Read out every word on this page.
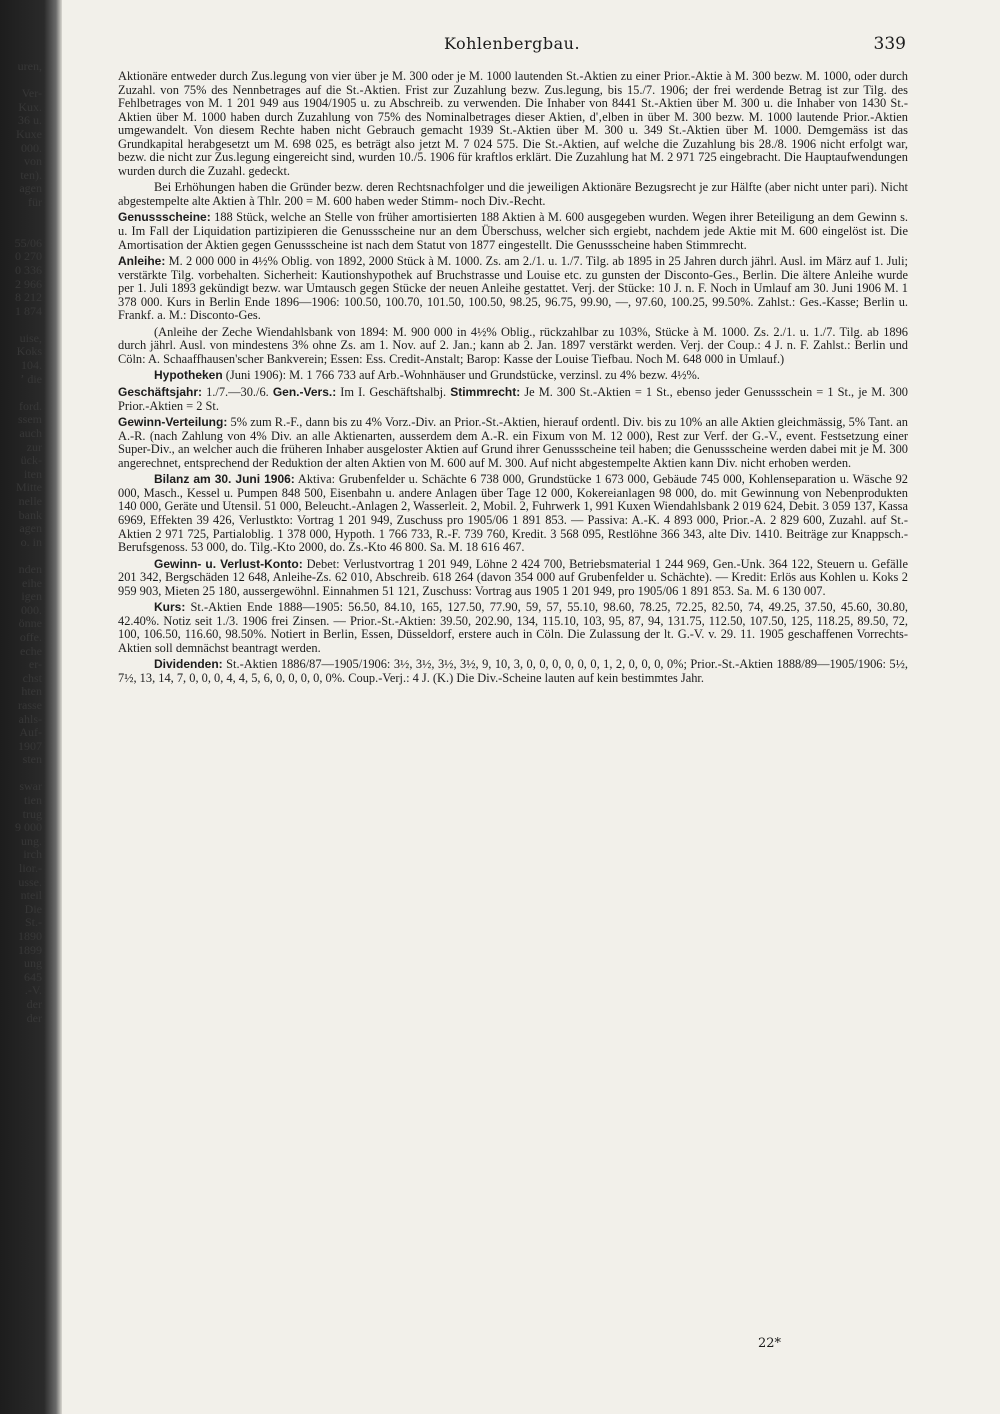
uren,

Ver-
Kux.
36 u.
Kuxe
000.
von
ten).
agen
für

55/06
0 270
0 336
2 966
8 212
1 874

uise,
Koks
104.
ʼ die

ford.
ssem
auch
zur
ück-
iten
Mitte
nelle
bank
agen
o. in

nden
eihe
igen
000.
önne
offe.
eche
er-
chst
hten
rasse
ahls-
Auf-
1907
sten

swar
tien
trug
9 000
ung.
irch
lior.-
usse.
nteil
Die
St.-
1890
1899
ung
645
.-V.
der
der
Kohlenbergbau.	339

Aktionäre entweder durch Zus.legung von vier über je M. 300 oder je M. 1000 lautenden St.-Aktien zu einer Prior.-Aktie à M. 300 bezw. M. 1000, oder durch Zuzahl. von 75% des Nennbetrages auf die St.-Aktien. Frist zur Zuzahlung bezw. Zus.legung, bis 15./7. 1906; der frei werdende Betrag ist zur Tilg. des Fehlbetrages von M. 1 201 949 aus 1904/1905 u. zu Abschreib. zu verwenden. Die Inhaber von 8441 St.-Aktien über M. 300 u. die Inhaber von 1430 St.-Aktien über M. 1000 haben durch Zuzahlung von 75% des Nominalbetrages dieser Aktien, d'‚elben in über M. 300 bezw. M. 1000 lautende Prior.-Aktien umgewandelt. Von diesem Rechte haben nicht Gebrauch gemacht 1939 St.-Aktien über M. 300 u. 349 St.-Aktien über M. 1000. Demgemäss ist das Grundkapital herabgesetzt um M. 698 025, es beträgt also jetzt M. 7 024 575. Die St.-Aktien, auf welche die Zuzahlung bis 28./8. 1906 nicht erfolgt war, bezw. die nicht zur Zus.legung eingereicht sind, wurden 10./5. 1906 für kraftlos erklärt. Die Zuzahlung hat M. 2 971 725 eingebracht. Die Hauptaufwendungen wurden durch die Zuzahl. gedeckt.

Bei Erhöhungen haben die Gründer bezw. deren Rechtsnachfolger und die jeweiligen Aktionäre Bezugsrecht je zur Hälfte (aber nicht unter pari). Nicht abgestempelte alte Aktien à Thlr. 200 = M. 600 haben weder Stimm- noch Div.-Recht.

Genussscheine: 188 Stück, welche an Stelle von früher amortisierten 188 Aktien à M. 600 ausgegeben wurden. Wegen ihrer Beteiligung an dem Gewinn s. u. Im Fall der Liquidation partizipieren die Genussscheine nur an dem Überschuss, welcher sich ergiebt, nachdem jede Aktie mit M. 600 eingelöst ist. Die Amortisation der Aktien gegen Genussscheine ist nach dem Statut von 1877 eingestellt. Die Genussscheine haben Stimmrecht.

Anleihe: M. 2 000 000 in 4½% Oblig. von 1892, 2000 Stück à M. 1000. Zs. am 2./1. u. 1./7. Tilg. ab 1895 in 25 Jahren durch jährl. Ausl. im März auf 1. Juli; verstärkte Tilg. vorbehalten. Sicherheit: Kautionshypothek auf Bruchstrasse und Louise etc. zu gunsten der Disconto-Ges., Berlin. Die ältere Anleihe wurde per 1. Juli 1893 gekündigt bezw. war Umtausch gegen Stücke der neuen Anleihe gestattet. Verj. der Stücke: 10 J. n. F. Noch in Umlauf am 30. Juni 1906 M. 1 378 000. Kurs in Berlin Ende 1896—1906: 100.50, 100.70, 101.50, 100.50, 98.25, 96.75, 99.90, —, 97.60, 100.25, 99.50%. Zahlst.: Ges.-Kasse; Berlin u. Frankf. a. M.: Disconto-Ges.

(Anleihe der Zeche Wiendahlsbank von 1894: M. 900 000 in 4½% Oblig., rückzahlbar zu 103%, Stücke à M. 1000. Zs. 2./1. u. 1./7. Tilg. ab 1896 durch jährl. Ausl. von mindestens 3% ohne Zs. am 1. Nov. auf 2. Jan.; kann ab 2. Jan. 1897 verstärkt werden. Verj. der Coup.: 4 J. n. F. Zahlst.: Berlin und Cöln: A. Schaaffhausen'scher Bankverein; Essen: Ess. Credit-Anstalt; Barop: Kasse der Louise Tiefbau. Noch M. 648 000 in Umlauf.)

Hypotheken (Juni 1906): M. 1 766 733 auf Arb.-Wohnhäuser und Grundstücke, verzinsl. zu 4% bezw. 4½%.

Geschäftsjahr: 1./7.—30./6. Gen.-Vers.: Im I. Geschäftshalbj. Stimmrecht: Je M. 300 St.-Aktien = 1 St., ebenso jeder Genussschein = 1 St., je M. 300 Prior.-Aktien = 2 St.

Gewinn-Verteilung: 5% zum R.-F., dann bis zu 4% Vorz.-Div. an Prior.-St.-Aktien, hierauf ordentl. Div. bis zu 10% an alle Aktien gleichmässig, 5% Tant. an A.-R. (nach Zahlung von 4% Div. an alle Aktienarten, ausserdem dem A.-R. ein Fixum von M. 12 000), Rest zur Verf. der G.-V., event. Festsetzung einer Super-Div., an welcher auch die früheren Inhaber ausgeloster Aktien auf Grund ihrer Genussscheine teil haben; die Genussscheine werden dabei mit je M. 300 angerechnet, entsprechend der Reduktion der alten Aktien von M. 600 auf M. 300. Auf nicht abgestempelte Aktien kann Div. nicht erhoben werden.

Bilanz am 30. Juni 1906: Aktiva: Grubenfelder u. Schächte 6 738 000, Grundstücke 1 673 000, Gebäude 745 000, Kohlenseparation u. Wäsche 92 000, Masch., Kessel u. Pumpen 848 500, Eisenbahn u. andere Anlagen über Tage 12 000, Kokereianlagen 98 000, do. mit Gewinnung von Nebenprodukten 140 000, Geräte und Utensil. 51 000, Beleucht.-Anlagen 2, Wasserleit. 2, Mobil. 2, Fuhrwerk 1, 991 Kuxen Wiendahlsbank 2 019 624, Debit. 3 059 137, Kassa 6969, Effekten 39 426, Verlustkto: Vortrag 1 201 949, Zuschuss pro 1905/06 1 891 853. — Passiva: A.-K. 4 893 000, Prior.-A. 2 829 600, Zuzahl. auf St.-Aktien 2 971 725, Partialoblig. 1 378 000, Hypoth. 1 766 733, R.-F. 739 760, Kredit. 3 568 095, Restlöhne 366 343, alte Div. 1410. Beiträge zur Knappsch.-Berufsgenoss. 53 000, do. Tilg.-Kto 2000, do. Zs.-Kto 46 800. Sa. M. 18 616 467.

Gewinn- u. Verlust-Konto: Debet: Verlustvortrag 1 201 949, Löhne 2 424 700, Betriebsmaterial 1 244 969, Gen.-Unk. 364 122, Steuern u. Gefälle 201 342, Bergschäden 12 648, Anleihe-Zs. 62 010, Abschreib. 618 264 (davon 354 000 auf Grubenfelder u. Schächte). — Kredit: Erlös aus Kohlen u. Koks 2 959 903, Mieten 25 180, aussergewöhnl. Einnahmen 51 121, Zuschuss: Vortrag aus 1905 1 201 949, pro 1905/06 1 891 853. Sa. M. 6 130 007.

Kurs: St.-Aktien Ende 1888—1905: 56.50, 84.10, 165, 127.50, 77.90, 59, 57, 55.10, 98.60, 78.25, 72.25, 82.50, 74, 49.25, 37.50, 45.60, 30.80, 42.40%. Notiz seit 1./3. 1906 frei Zinsen. — Prior.-St.-Aktien: 39.50, 202.90, 134, 115.10, 103, 95, 87, 94, 131.75, 112.50, 107.50, 125, 118.25, 89.50, 72, 100, 106.50, 116.60, 98.50%. Notiert in Berlin, Essen, Düsseldorf, erstere auch in Cöln. Die Zulassung der lt. G.-V. v. 29. 11. 1905 geschaffenen Vorrechts-Aktien soll demnächst beantragt werden.

Dividenden: St.-Aktien 1886/87—1905/1906: 3½, 3½, 3½, 3½, 9, 10, 3, 0, 0, 0, 0, 0, 0, 1, 2, 0, 0, 0, 0%; Prior.-St.-Aktien 1888/89—1905/1906: 5½, 7½, 13, 14, 7, 0, 0, 0, 4, 4, 5, 6, 0, 0, 0, 0, 0%. Coup.-Verj.: 4 J. (K.) Die Div.-Scheine lauten auf kein bestimmtes Jahr.

22*
